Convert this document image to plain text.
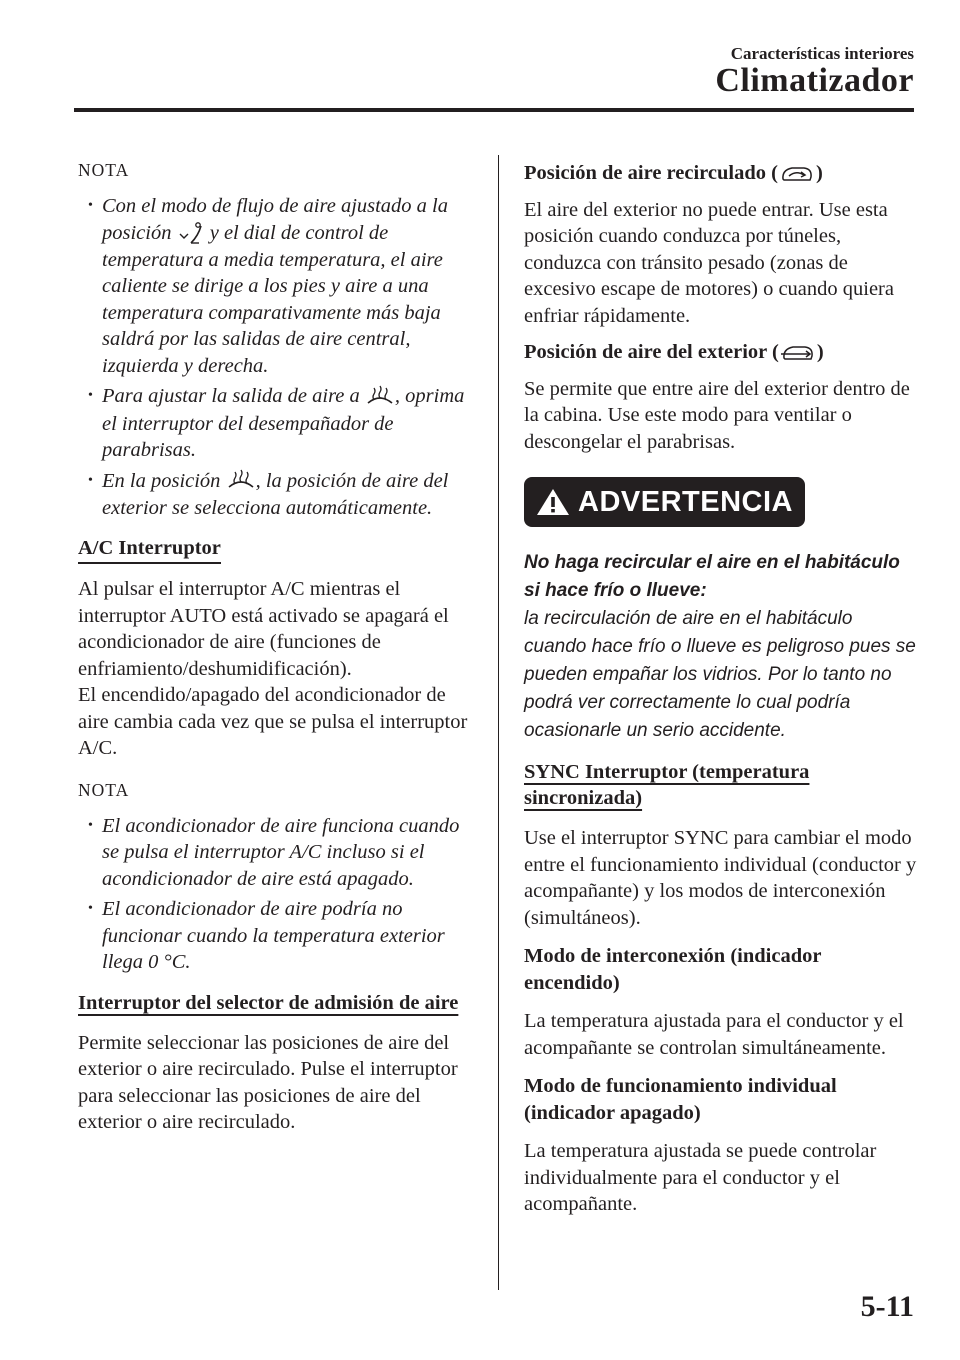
Características interiores
Climatizador

NOTA

• Con el modo de flujo de aire ajustado a la posición  y el dial de control de temperatura a media temperatura, el aire caliente se dirige a los pies y aire a una temperatura comparativamente más baja saldrá por las salidas de aire central, izquierda y derecha.
• Para ajustar la salida de aire a , oprima el interruptor del desempañador de parabrisas.
• En la posición , la posición de aire del exterior se selecciona automáticamente.
A/C Interruptor

Al pulsar el interruptor A/C mientras el interruptor AUTO está activado se apagará el acondicionador de aire (funciones de enfriamiento/deshumidificación).

El encendido/apagado del acondicionador de aire cambia cada vez que se pulsa el interruptor A/C.

NOTA

• El acondicionador de aire funciona cuando se pulsa el interruptor A/C incluso si el acondicionador de aire está apagado.
• El acondicionador de aire podría no funcionar cuando la temperatura exterior llega 0 °C.
Interruptor del selector de admisión de aire

Permite seleccionar las posiciones de aire del exterior o aire recirculado. Pulse el interruptor para seleccionar las posiciones de aire del exterior o aire recirculado.

Posición de aire recirculado ( )

El aire del exterior no puede entrar. Use esta posición cuando conduzca por túneles, conduzca con tránsito pesado (zonas de excesivo escape de motores) o cuando quiera enfriar rápidamente.

Posición de aire del exterior ( )

Se permite que entre aire del exterior dentro de la cabina. Use este modo para ventilar o descongelar el parabrisas.

ADVERTENCIA

No haga recircular el aire en el habitáculo si hace frío o llueve:

la recirculación de aire en el habitáculo cuando hace frío o llueve es peligroso pues se pueden empañar los vidrios. Por lo tanto no podrá ver correctamente lo cual podría ocasionarle un serio accidente.

SYNC Interruptor (temperatura sincronizada)

Use el interruptor SYNC para cambiar el modo entre el funcionamiento individual (conductor y acompañante) y los modos de interconexión (simultáneos).

Modo de interconexión (indicador encendido)

La temperatura ajustada para el conductor y el acompañante se controlan simultáneamente.

Modo de funcionamiento individual (indicador apagado)

La temperatura ajustada se puede controlar individualmente para el conductor y el acompañante.

5-11
